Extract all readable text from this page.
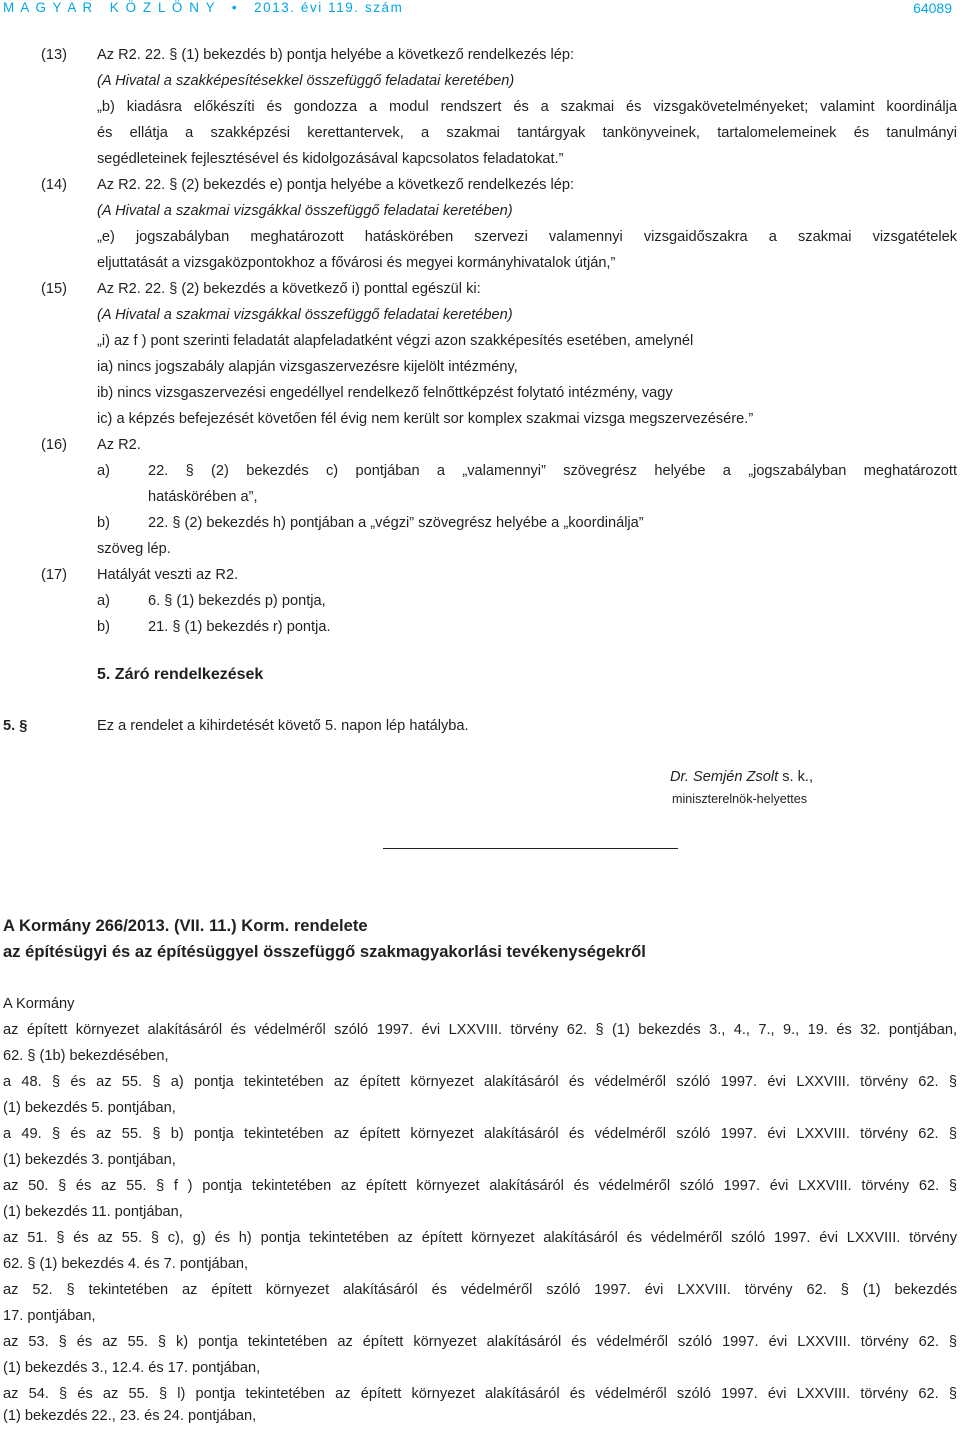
M A G Y A R   K Ö Z L Ö N Y   •   2013. évi 119. szám	64089
(13) Az R2. 22. § (1) bekezdés b) pontja helyébe a következő rendelkezés lép:
(A Hivatal a szakképesítésekkel összefüggő feladatai keretében)
„b) kiadásra előkészíti és gondozza a modul rendszert és a szakmai és vizsgakövetelményeket; valamint koordinálja
és ellátja a szakképzési kerettantervek, a szakmai tantárgyak tankönyveinek, tartalomelemeinek és tanulmányi
segédleteinek fejlesztésével és kidolgozásával kapcsolatos feladatokat.”
(14) Az R2. 22. § (2) bekezdés e) pontja helyébe a következő rendelkezés lép:
(A Hivatal a szakmai vizsgákkal összefüggő feladatai keretében)
„e) jogszabályban meghatározott hatáskörében szervezi valamennyi vizsgaidőszakra a szakmai vizsgatételek
eljuttatását a vizsgaközpontokhoz a fővárosi és megyei kormányhivatalok útján,”
(15) Az R2. 22. § (2) bekezdés a következő i) ponttal egészül ki:
(A Hivatal a szakmai vizsgákkal összefüggő feladatai keretében)
„i) az f ) pont szerinti feladatát alapfeladatként végzi azon szakképesítés esetében, amelynél
ia) nincs jogszabály alapján vizsgaszervezésre kijelölt intézmény,
ib) nincs vizsgaszervezési engedéllyel rendelkező felnőttképzést folytató intézmény, vagy
ic) a képzés befejezését követően fél évig nem került sor komplex szakmai vizsga megszervezésére.”
(16) Az R2.
a)	22. § (2) bekezdés c) pontjában a „valamennyi” szövegrész helyébe a „jogszabályban meghatározott
hatáskörében a”,
b)	22. § (2) bekezdés h) pontjában a „végzi” szövegrész helyébe a „koordinálja”
szöveg lép.
(17) Hatályát veszti az R2.
a)	6. § (1) bekezdés p) pontja,
b)	21. § (1) bekezdés r) pontja.
5. Záró rendelkezések
5. §	Ez a rendelet a kihirdetését követő 5. napon lép hatályba.
Dr. Semjén Zsolt s. k.,
miniszterelnök-helyettes
A Kormány 266/2013. (VII. 11.) Korm. rendelete
az építésügyi és az építésüggyel összefüggő szakmagyakorlási tevékenységekről
A Kormány
az épített környezet alakításáról és védelméről szóló 1997. évi LXXVIII. törvény 62. § (1) bekezdés 3., 4., 7., 9., 19. és 32. pontjában,
62. § (1b) bekezdésében,
a 48. § és az 55. § a) pontja tekintetében az épített környezet alakításáról és védelméről szóló 1997. évi LXXVIII. törvény 62. §
(1) bekezdés 5. pontjában,
a 49. § és az 55. § b) pontja tekintetében az épített környezet alakításáról és védelméről szóló 1997. évi LXXVIII. törvény 62. §
(1) bekezdés 3. pontjában,
az 50. § és az 55. § f ) pontja tekintetében az épített környezet alakításáról és védelméről szóló 1997. évi LXXVIII. törvény 62. §
(1) bekezdés 11. pontjában,
az 51. § és az 55. § c), g) és h) pontja tekintetében az épített környezet alakításáról és védelméről szóló 1997. évi LXXVIII. törvény
62. § (1) bekezdés 4. és 7. pontjában,
az 52. § tekintetében az épített környezet alakításáról és védelméről szóló 1997. évi LXXVIII. törvény 62. § (1) bekezdés
17. pontjában,
az 53. § és az 55. § k) pontja tekintetében az épített környezet alakításáról és védelméről szóló 1997. évi LXXVIII. törvény 62. §
(1) bekezdés 3., 12.4. és 17. pontjában,
az 54. § és az 55. § l) pontja tekintetében az épített környezet alakításáról és védelméről szóló 1997. évi LXXVIII. törvény 62. §
(1) bekezdés 22., 23. és 24. pontjában,
